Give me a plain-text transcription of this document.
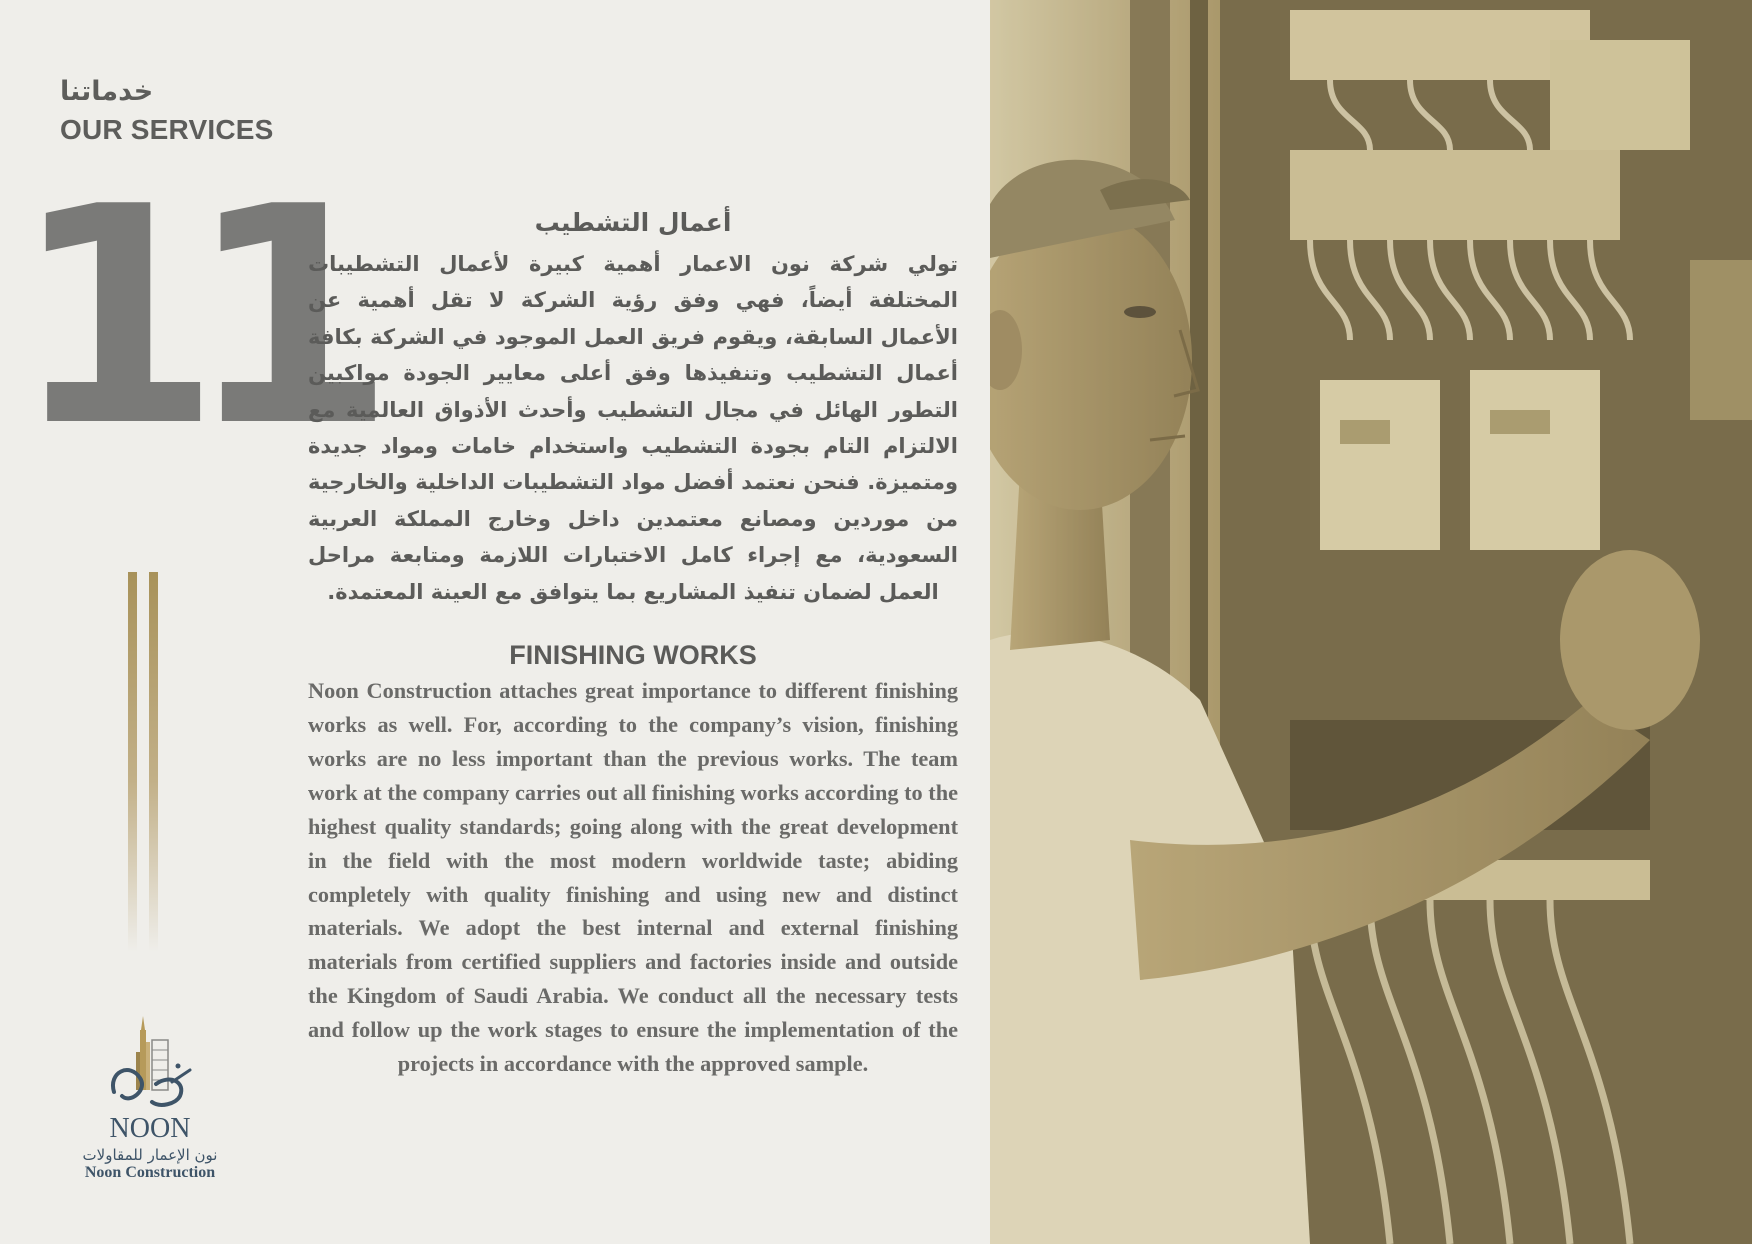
خدماتنا
OUR SERVICES
11
NOON
نون الإعمار للمقاولات
Noon Construction
أعمال التشطيب

تولي شركة نون الاعمار أهمية كبيرة لأعمال التشطيبات المختلفة أيضاً، فهي وفق رؤية الشركة لا تقل أهمية عن الأعمال السابقة، ويقوم فريق العمل الموجود في الشركة بكافة أعمال التشطيب وتنفيذها وفق أعلى معايير الجودة مواكبين التطور الهائل في مجال التشطيب وأحدث الأذواق العالمية مع الالتزام التام بجودة التشطيب واستخدام خامات ومواد جديدة ومتميزة. فنحن نعتمد أفضل مواد التشطيبات الداخلية والخارجية من موردين ومصانع معتمدين داخل وخارج المملكة العربية السعودية، مع إجراء كامل الاختبارات اللازمة ومتابعة مراحل العمل لضمان تنفيذ المشاريع بما يتوافق مع العينة المعتمدة.

FINISHING WORKS

Noon Construction attaches great importance to different finishing works as well. For, according to the company’s vision, finishing works are no less important than the previous works. The team work at the company carries out all finishing works according to the highest quality standards; going along with the great development in the field with the most modern worldwide taste; abiding completely with quality finishing and using new and distinct materials. We adopt the best internal and external finishing materials from certified suppliers and factories inside and outside the Kingdom of Saudi Arabia. We conduct all the necessary tests and follow up the work stages to ensure the implementation of the projects in accordance with the approved sample.
